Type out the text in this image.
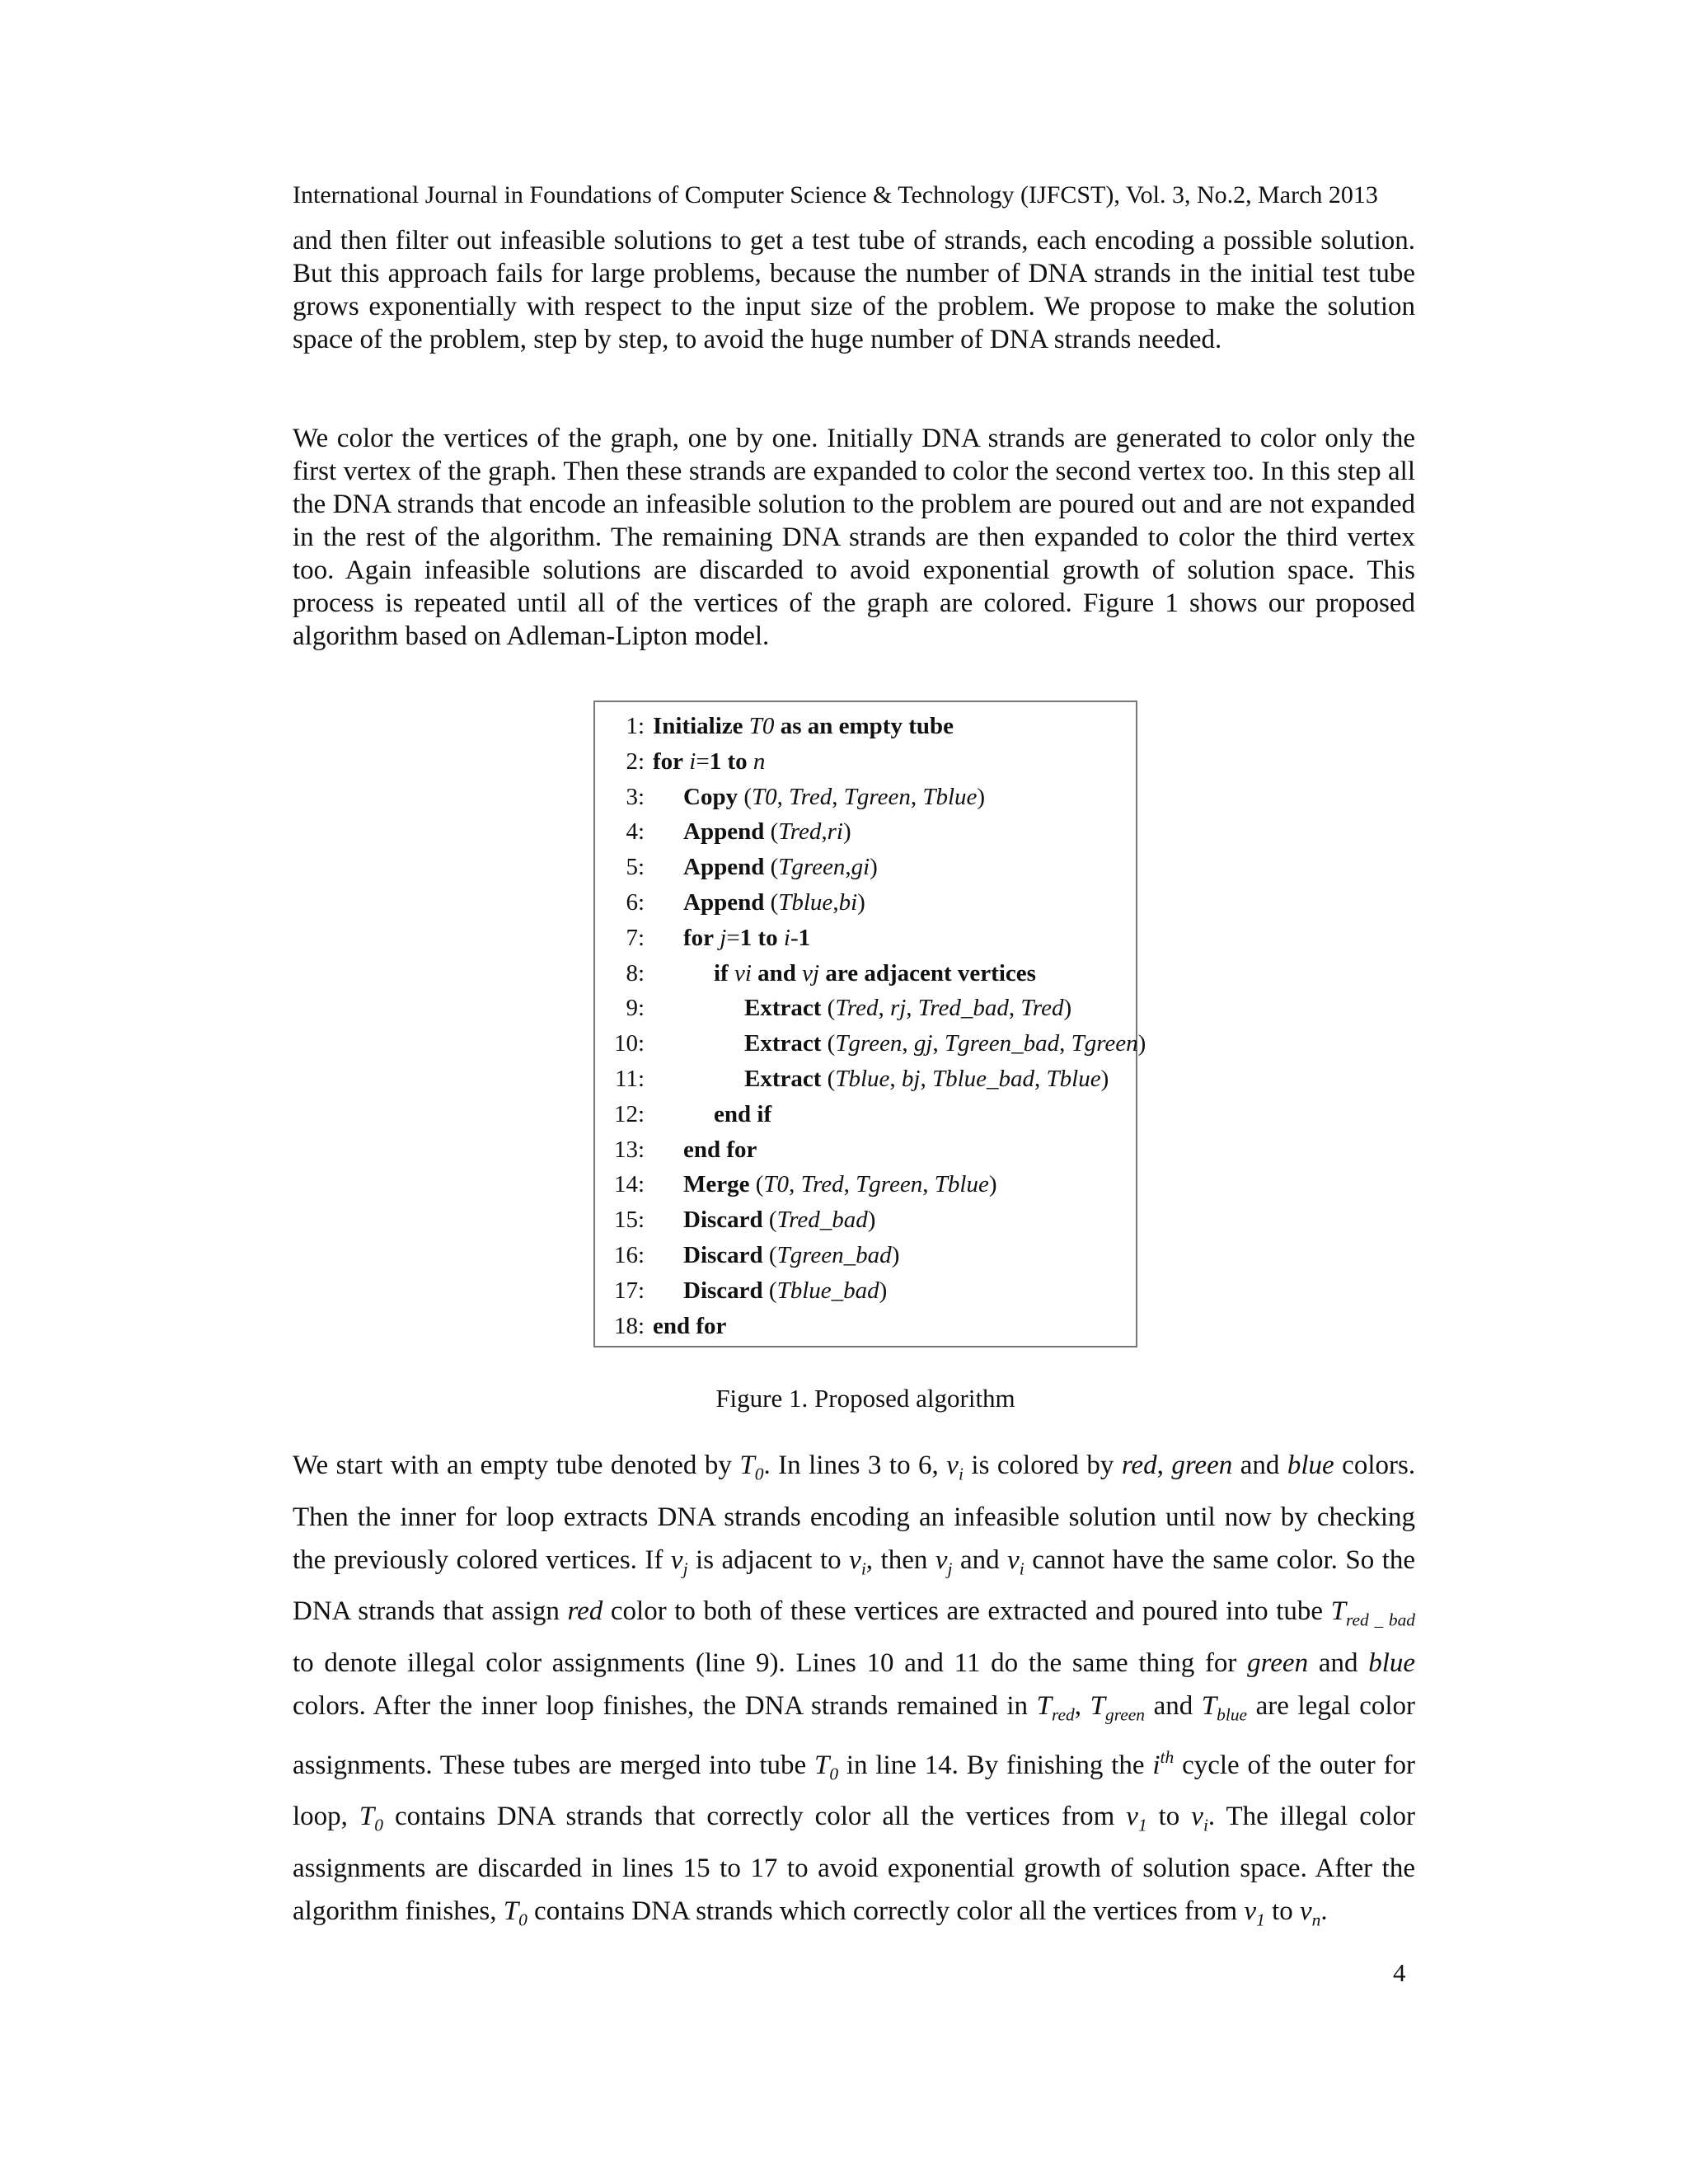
International Journal in Foundations of Computer Science & Technology (IJFCST), Vol. 3, No.2, March 2013

and then filter out infeasible solutions to get a test tube of strands, each encoding a possible solution. But this approach fails for large problems, because the number of DNA strands in the initial test tube grows exponentially with respect to the input size of the problem. We propose to make the solution space of the problem, step by step, to avoid the huge number of DNA strands needed.

We color the vertices of the graph, one by one. Initially DNA strands are generated to color only the first vertex of the graph. Then these strands are expanded to color the second vertex too. In this step all the DNA strands that encode an infeasible solution to the problem are poured out and are not expanded in the rest of the algorithm. The remaining DNA strands are then expanded to color the third vertex too. Again infeasible solutions are discarded to avoid exponential growth of solution space. This process is repeated until all of the vertices of the graph are colored. Figure 1 shows our proposed algorithm based on Adleman-Lipton model.

1: Initialize T0 as an empty tube
2: for i=1 to n
3: Copy (T0, Tred, Tgreen, Tblue)
4: Append (Tred,ri)
5: Append (Tgreen,gi)
6: Append (Tblue,bi)
7: for j=1 to i-1
8:	if vi and vj are adjacent vertices
9:	Extract (Tred, rj, Tred_bad, Tred)
10:	Extract (Tgreen, gj, Tgreen_bad, Tgreen)
11:	Extract (Tblue, bj, Tblue_bad, Tblue)
12:	end if
13: end for
14: Merge (T0, Tred, Tgreen, Tblue)
15: Discard (Tred_bad)
16: Discard (Tgreen_bad)
17: Discard (Tblue_bad)
18: end for
Figure 1. Proposed algorithm

We start with an empty tube denoted by $T_0$. In lines 3 to 6, $v_i$ is colored by red, green and blue colors. Then the inner for loop extracts DNA strands encoding an infeasible solution until now by checking the previously colored vertices. If $v_j$ is adjacent to $v_i$, then $v_j$ and $v_i$ cannot have the same color. So the DNA strands that assign red color to both of these vertices are extracted and poured into tube $T_{red \_ bad}$ to denote illegal color assignments (line 9). Lines 10 and 11 do the same thing for green and blue colors. After the inner loop finishes, the DNA strands remained in $T_{red}$, $T_{green}$ and $T_{blue}$ are legal color assignments. These tubes are merged into tube $T_0$ in line 14. By finishing the $i^{th}$ cycle of the outer for loop, $T_0$ contains DNA strands that correctly color all the vertices from $v_1$ to $v_i$. The illegal color assignments are discarded in lines 15 to 17 to avoid exponential growth of solution space. After the algorithm finishes, $T_0$ contains DNA strands which correctly color all the vertices from $v_1$ to $v_n$.

4
